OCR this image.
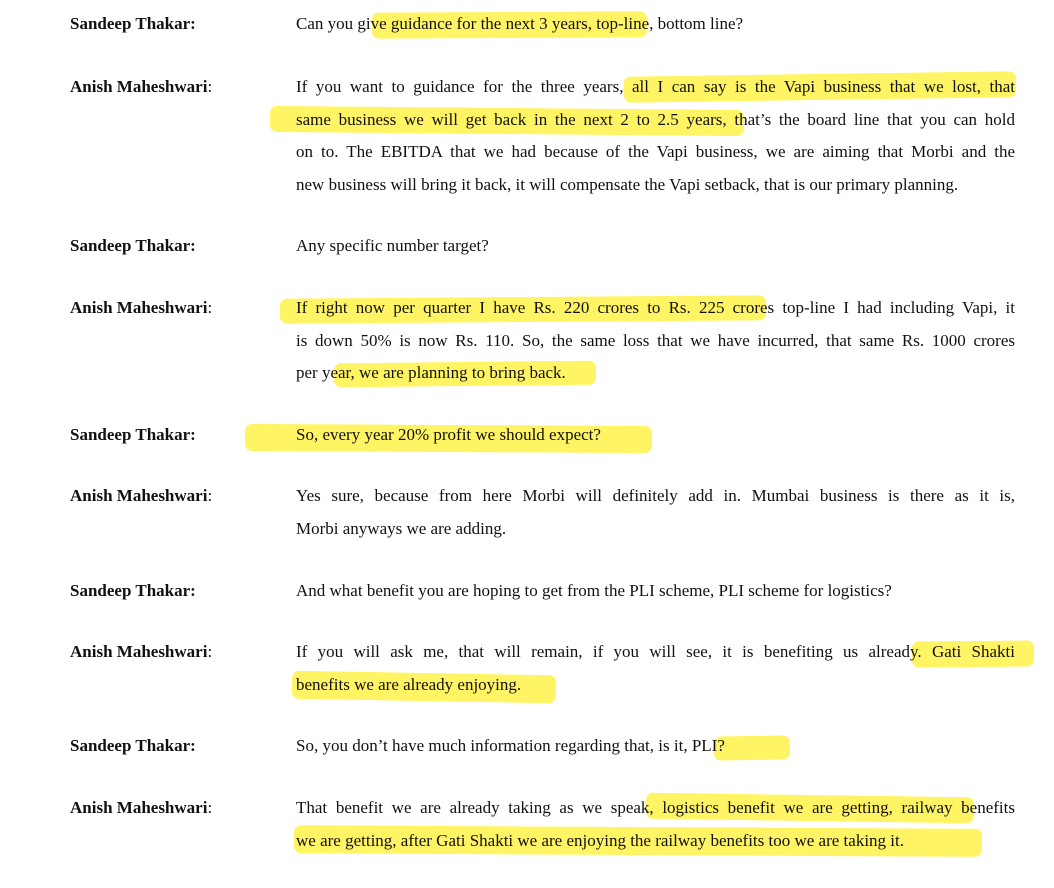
Sandeep Thakar:	Can you give guidance for the next 3 years, top-line, bottom line?
Anish Maheshwari:	If you want to guidance for the three years, all I can say is the Vapi business that we lost, that
same business we will get back in the next 2 to 2.5 years, that’s the board line that you can hold
on to. The EBITDA that we had because of the Vapi business, we are aiming that Morbi and the
new business will bring it back, it will compensate the Vapi setback, that is our primary planning.
Sandeep Thakar:	Any specific number target?
Anish Maheshwari:	If right now per quarter I have Rs. 220 crores to Rs. 225 crores top-line I had including Vapi, it
is down 50% is now Rs. 110. So, the same loss that we have incurred, that same Rs. 1000 crores
per year, we are planning to bring back.
Sandeep Thakar:	So, every year 20% profit we should expect?
Anish Maheshwari:	Yes sure, because from here Morbi will definitely add in. Mumbai business is there as it is,
Morbi anyways we are adding.
Sandeep Thakar:	And what benefit you are hoping to get from the PLI scheme, PLI scheme for logistics?
Anish Maheshwari:	If you will ask me, that will remain, if you will see, it is benefiting us already. Gati Shakti
benefits we are already enjoying.
Sandeep Thakar:	So, you don’t have much information regarding that, is it, PLI?
Anish Maheshwari:	That benefit we are already taking as we speak, logistics benefit we are getting, railway benefits
we are getting, after Gati Shakti we are enjoying the railway benefits too we are taking it.
